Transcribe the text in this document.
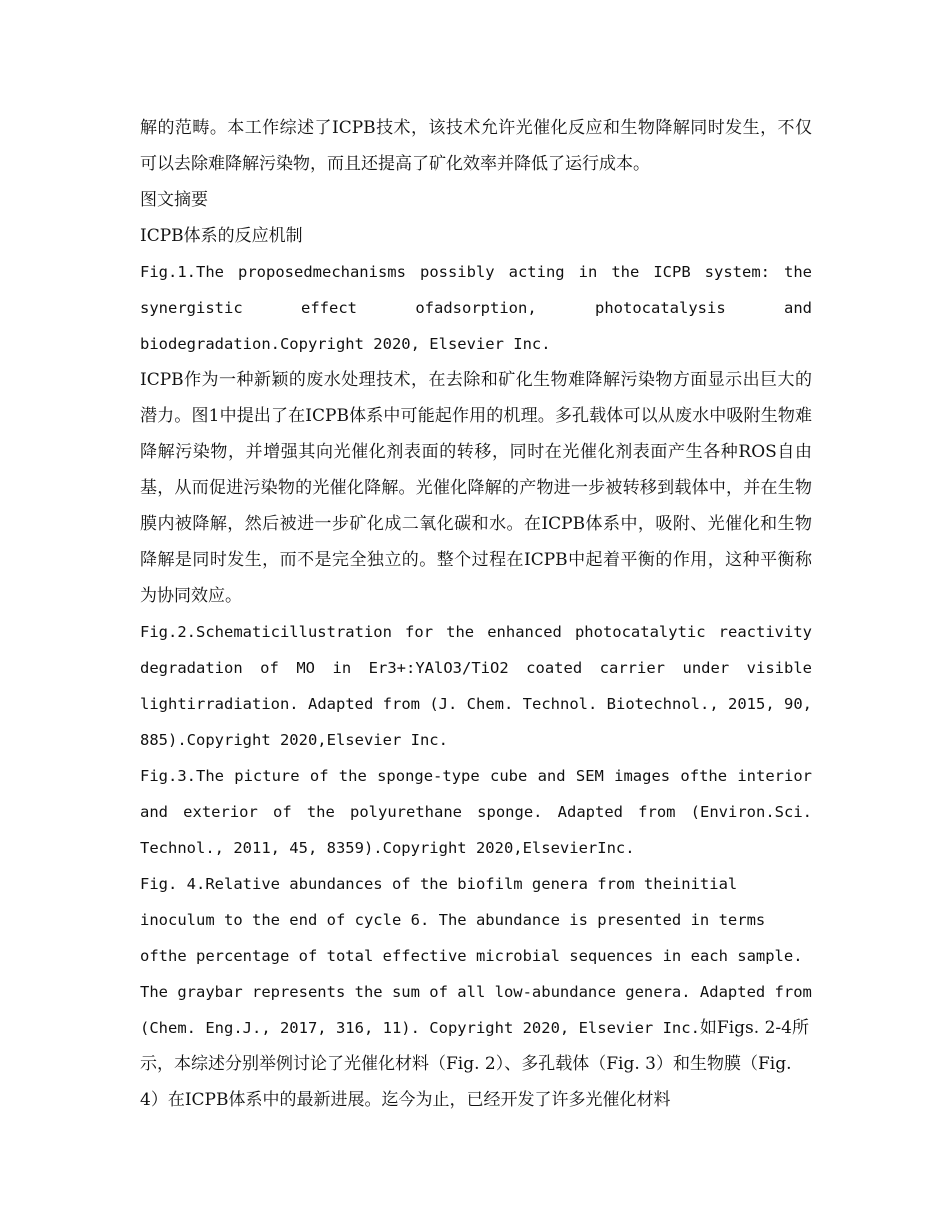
解的范畴。本工作综述了ICPB技术，该技术允许光催化反应和生物降解同时发生，不仅可以去除难降解污染物，而且还提高了矿化效率并降低了运行成本。

图文摘要

ICPB体系的反应机制

Fig.1.The proposedmechanisms possibly acting in the ICPB system: the synergistic effect ofadsorption, photocatalysis and biodegradation.Copyright 2020, Elsevier Inc.

ICPB作为一种新颖的废水处理技术，在去除和矿化生物难降解污染物方面显示出巨大的潜力。图1中提出了在ICPB体系中可能起作用的机理。多孔载体可以从废水中吸附生物难降解污染物，并增强其向光催化剂表面的转移，同时在光催化剂表面产生各种ROS自由基，从而促进污染物的光催化降解。光催化降解的产物进一步被转移到载体中，并在生物膜内被降解，然后被进一步矿化成二氧化碳和水。在ICPB体系中，吸附、光催化和生物降解是同时发生，而不是完全独立的。整个过程在ICPB中起着平衡的作用，这种平衡称为协同效应。

Fig.2.Schematicillustration for the enhanced photocatalytic reactivity degradation of MO in Er3+:YAlO3/TiO2 coated carrier under visible lightirradiation. Adapted from (J. Chem. Technol. Biotechnol., 2015, 90, 885).Copyright 2020,Elsevier Inc.

Fig.3.The picture of the sponge-type cube and SEM images ofthe interior and exterior of the polyurethane sponge. Adapted from (Environ.Sci. Technol., 2011, 45, 8359).Copyright 2020,ElsevierInc.

Fig. 4.Relative abundances of the biofilm genera from theinitial inoculum to the end of cycle 6. The abundance is presented in terms ofthe percentage of total effective microbial sequences in each sample. The graybar represents the sum of all low-abundance genera. Adapted from (Chem. Eng.J., 2017, 316, 11). Copyright 2020, Elsevier Inc.

如Figs. 2-4所示，本综述分别举例讨论了光催化材料（Fig. 2）、多孔载体（Fig. 3）和生物膜（Fig. 4）在ICPB体系中的最新进展。迄今为止，已经开发了许多光催化材料
